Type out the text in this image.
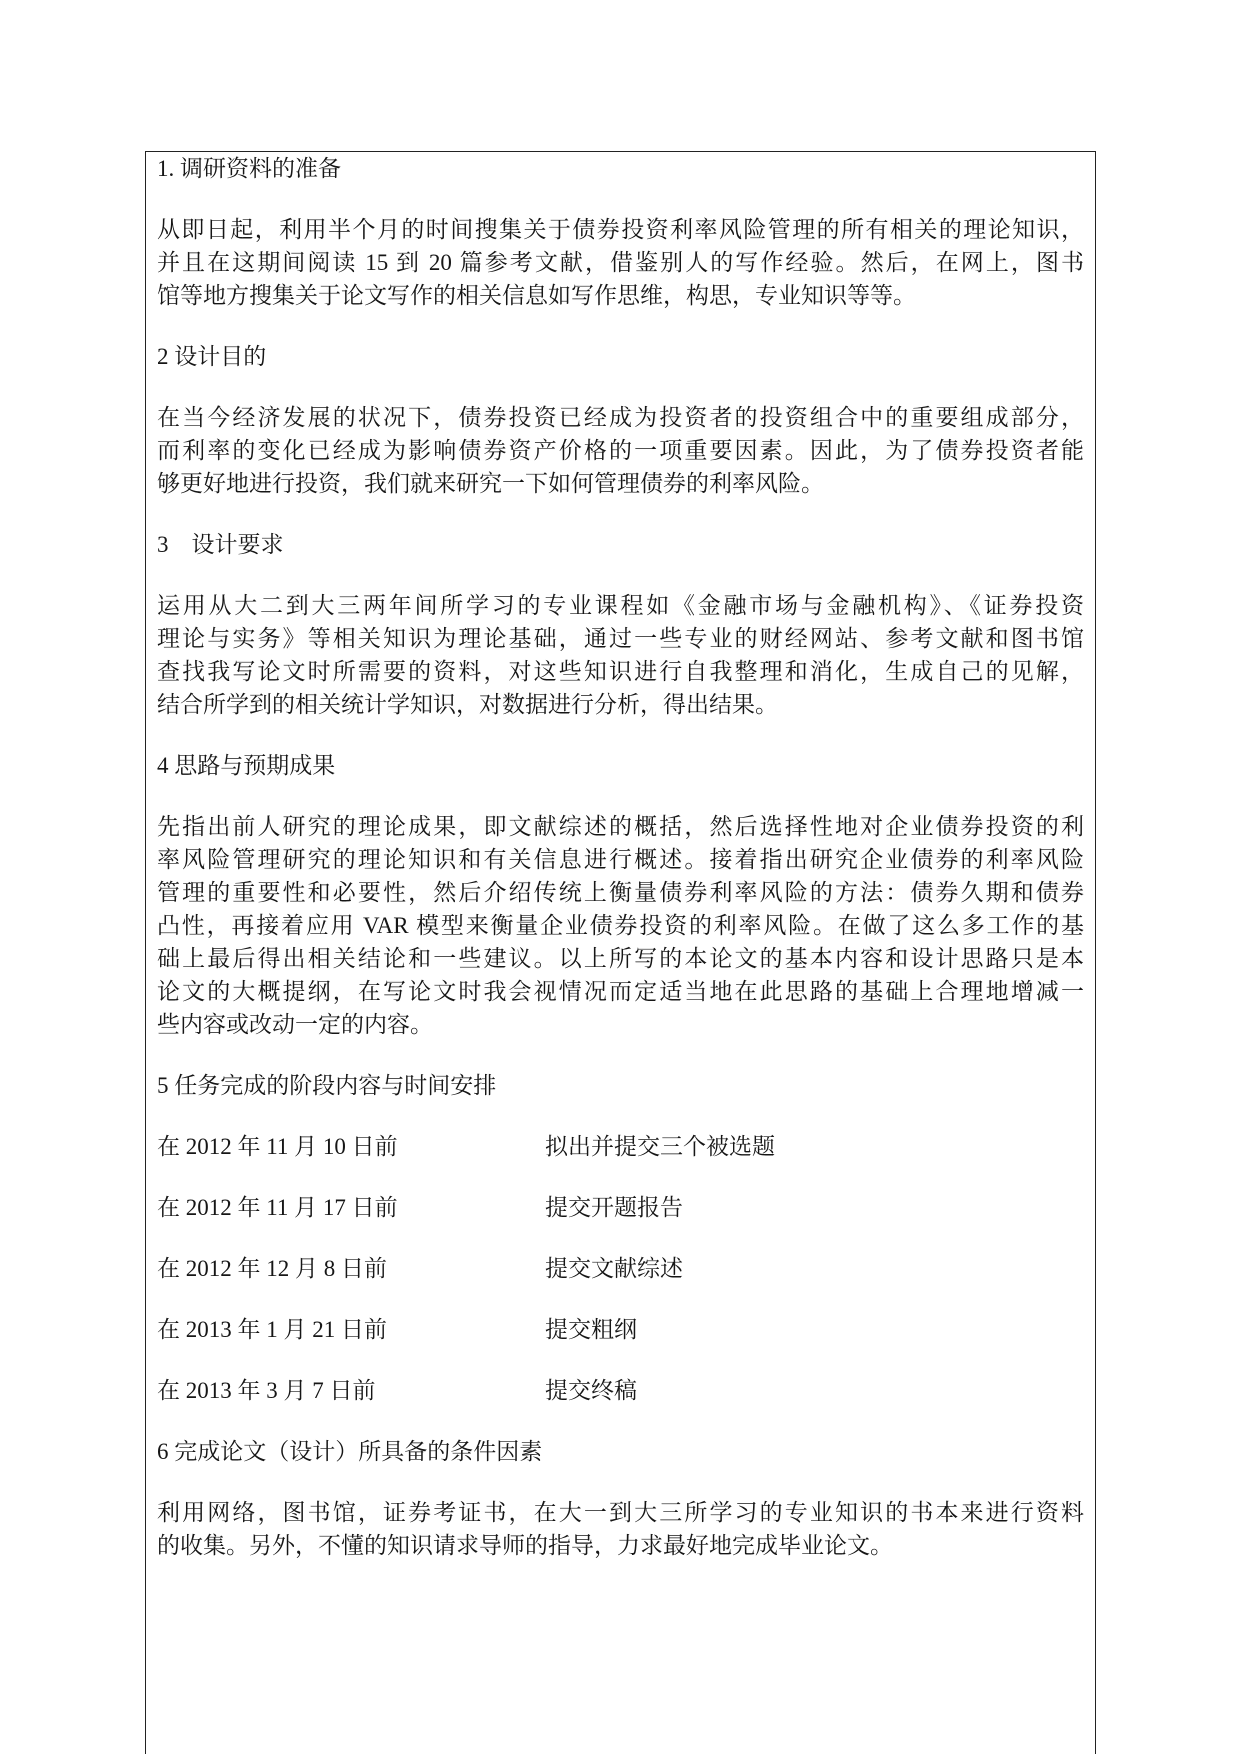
1. 调研资料的准备
从即日起，利用半个月的时间搜集关于债券投资利率风险管理的所有相关的理论知识，
并且在这期间阅读 15 到 20 篇参考文献，借鉴别人的写作经验。然后，在网上，图书
馆等地方搜集关于论文写作的相关信息如写作思维，构思，专业知识等等。
2 设计目的
在当今经济发展的状况下，债券投资已经成为投资者的投资组合中的重要组成部分，
而利率的变化已经成为影响债券资产价格的一项重要因素。因此，为了债券投资者能
够更好地进行投资，我们就来研究一下如何管理债券的利率风险。
3　设计要求
运用从大二到大三两年间所学习的专业课程如《金融市场与金融机构》、《证券投资
理论与实务》等相关知识为理论基础，通过一些专业的财经网站、参考文献和图书馆
查找我写论文时所需要的资料，对这些知识进行自我整理和消化，生成自己的见解，
结合所学到的相关统计学知识，对数据进行分析，得出结果。
4 思路与预期成果
先指出前人研究的理论成果，即文献综述的概括，然后选择性地对企业债券投资的利
率风险管理研究的理论知识和有关信息进行概述。接着指出研究企业债券的利率风险
管理的重要性和必要性，然后介绍传统上衡量债券利率风险的方法：债券久期和债券
凸性，再接着应用 VAR 模型来衡量企业债券投资的利率风险。在做了这么多工作的基
础上最后得出相关结论和一些建议。以上所写的本论文的基本内容和设计思路只是本
论文的大概提纲，在写论文时我会视情况而定适当地在此思路的基础上合理地增减一
些内容或改动一定的内容。
5 任务完成的阶段内容与时间安排
在 2012 年 11 月 10 日前	拟出并提交三个被选题
在 2012 年 11 月 17 日前	提交开题报告
在 2012 年 12 月 8 日前	提交文献综述
在 2013 年 1 月 21 日前	提交粗纲
在 2013 年 3 月 7 日前	提交终稿
6 完成论文（设计）所具备的条件因素
利用网络，图书馆，证券考证书，在大一到大三所学习的专业知识的书本来进行资料
的收集。另外，不懂的知识请求导师的指导，力求最好地完成毕业论文。
